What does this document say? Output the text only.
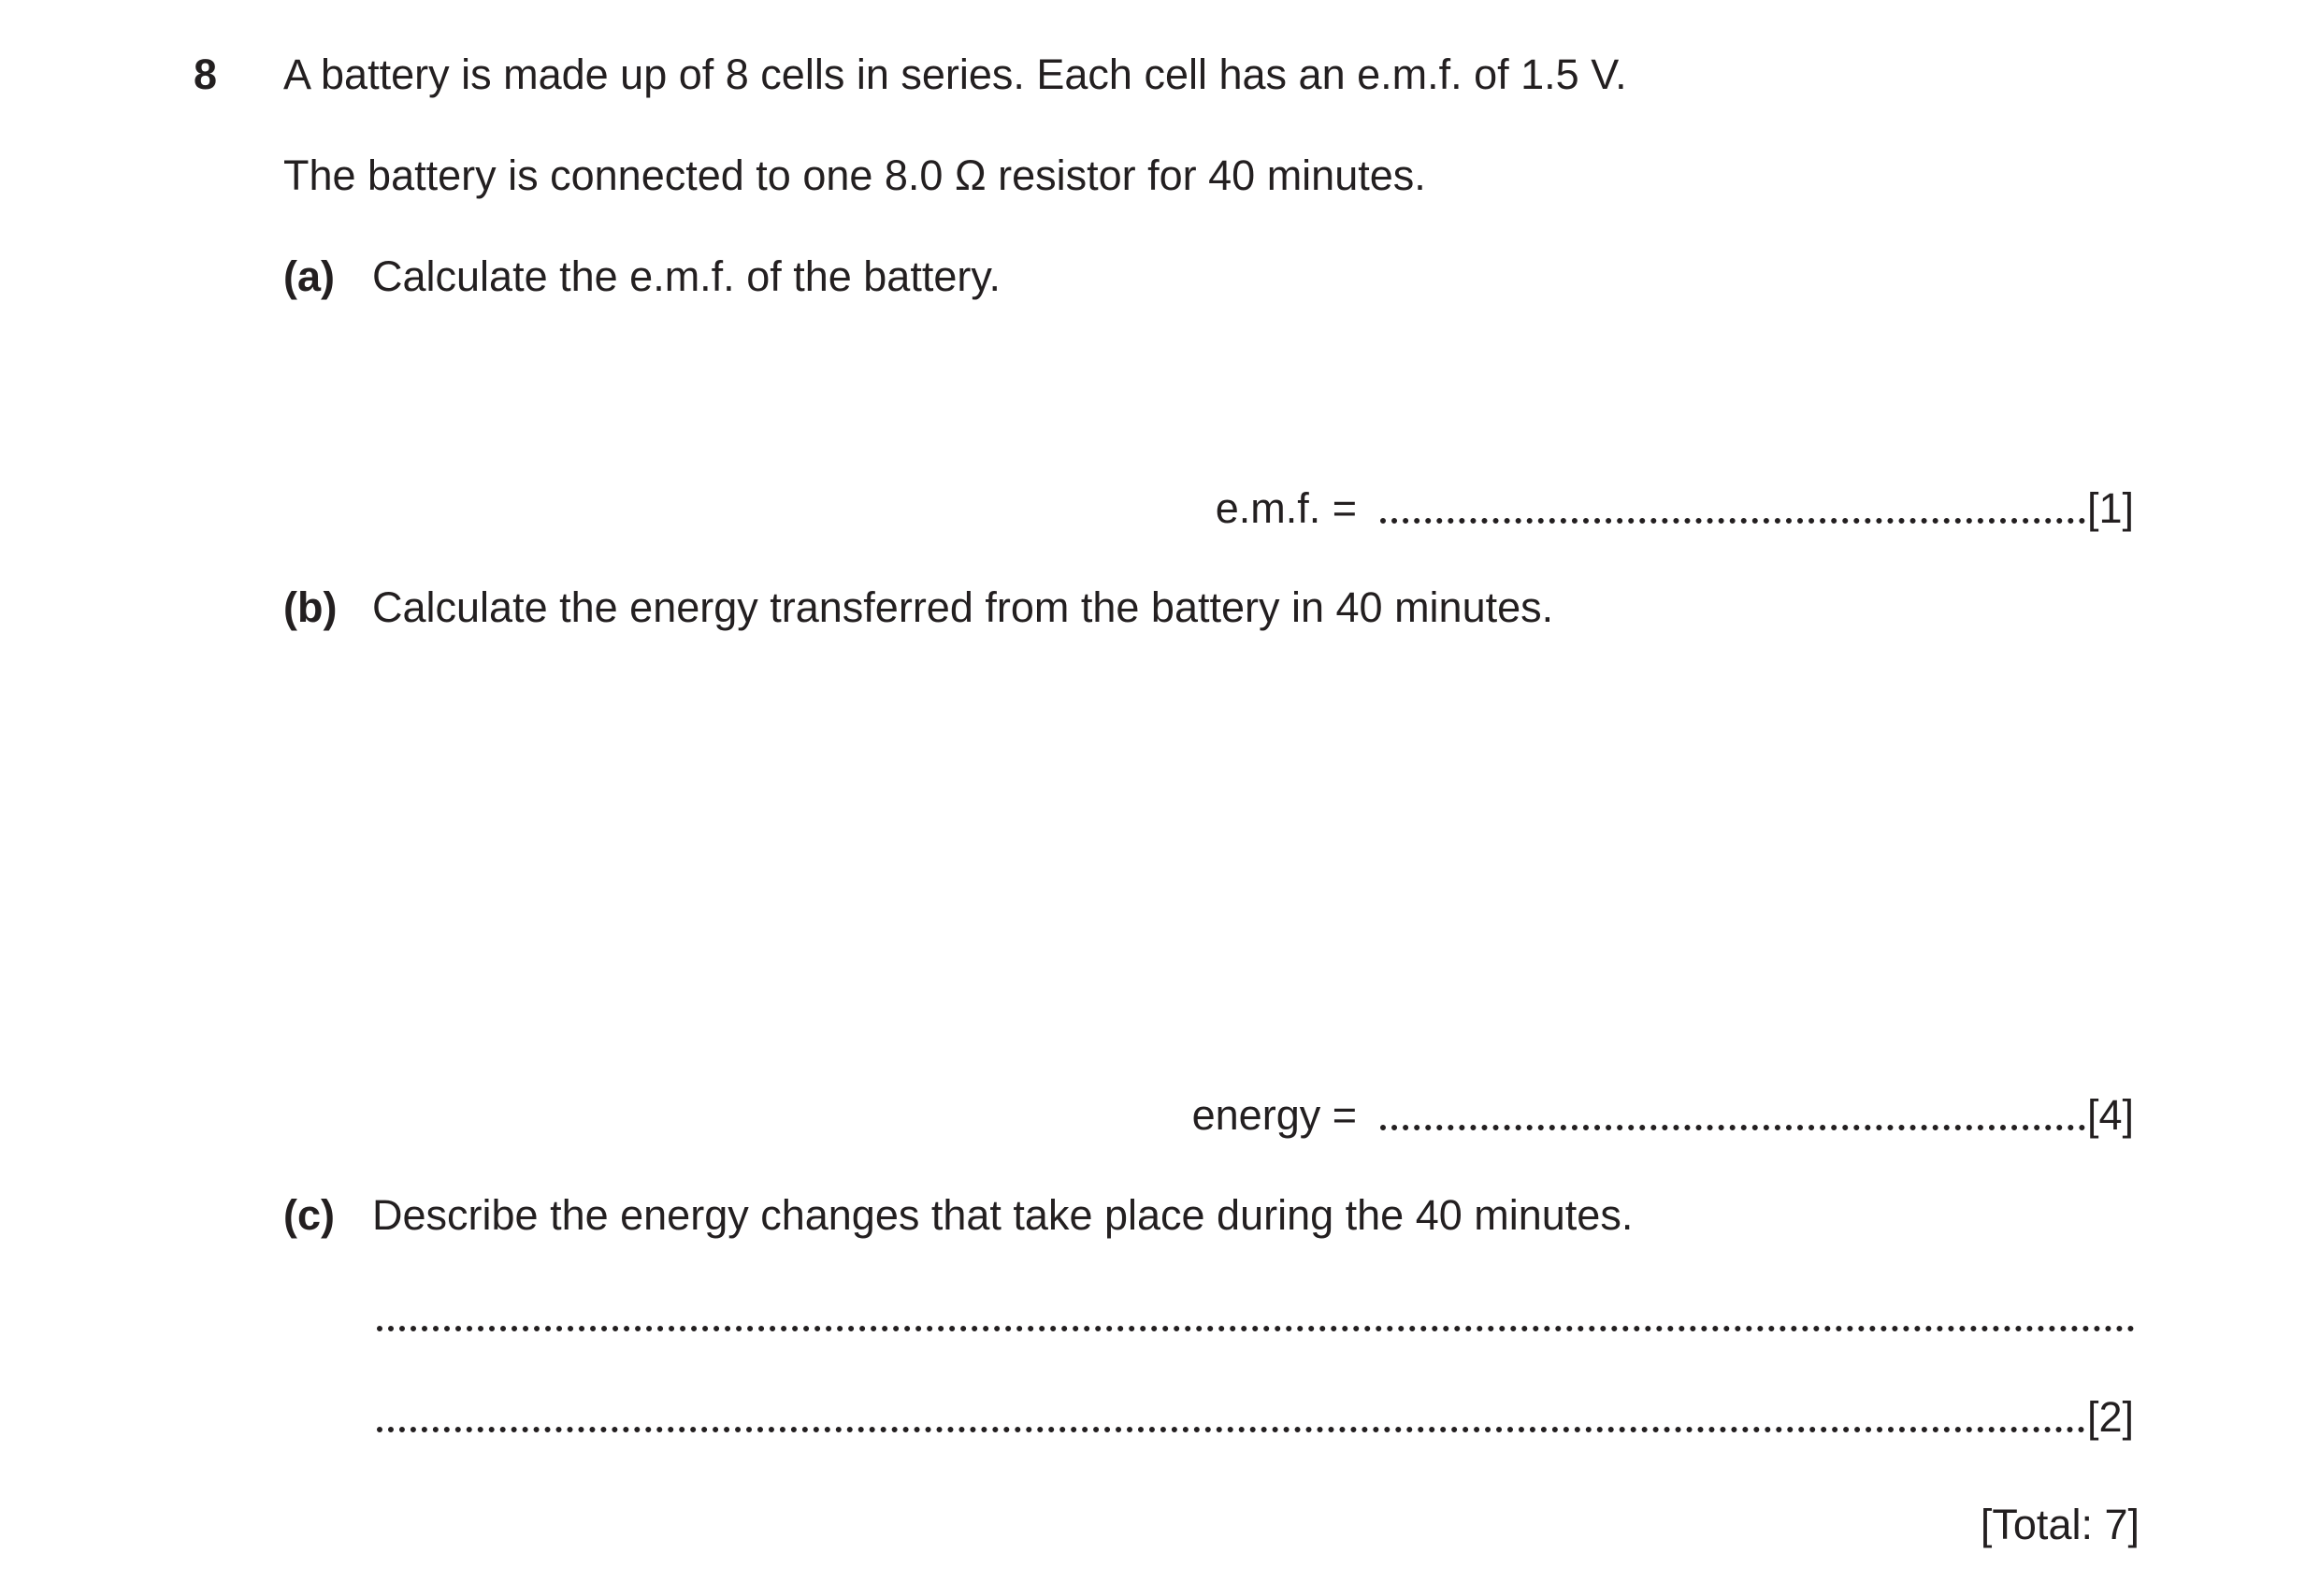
8 A battery is made up of 8 cells in series. Each cell has an e.m.f. of 1.5 V.
The battery is connected to one 8.0 Ω resistor for 40 minutes.
(a) Calculate the e.m.f. of the battery.
e.m.f. =	[1]
(b) Calculate the energy transferred from the battery in 40 minutes.
energy =	[4]
(c) Describe the energy changes that take place during the 40 minutes.
[2]
[Total: 7]
